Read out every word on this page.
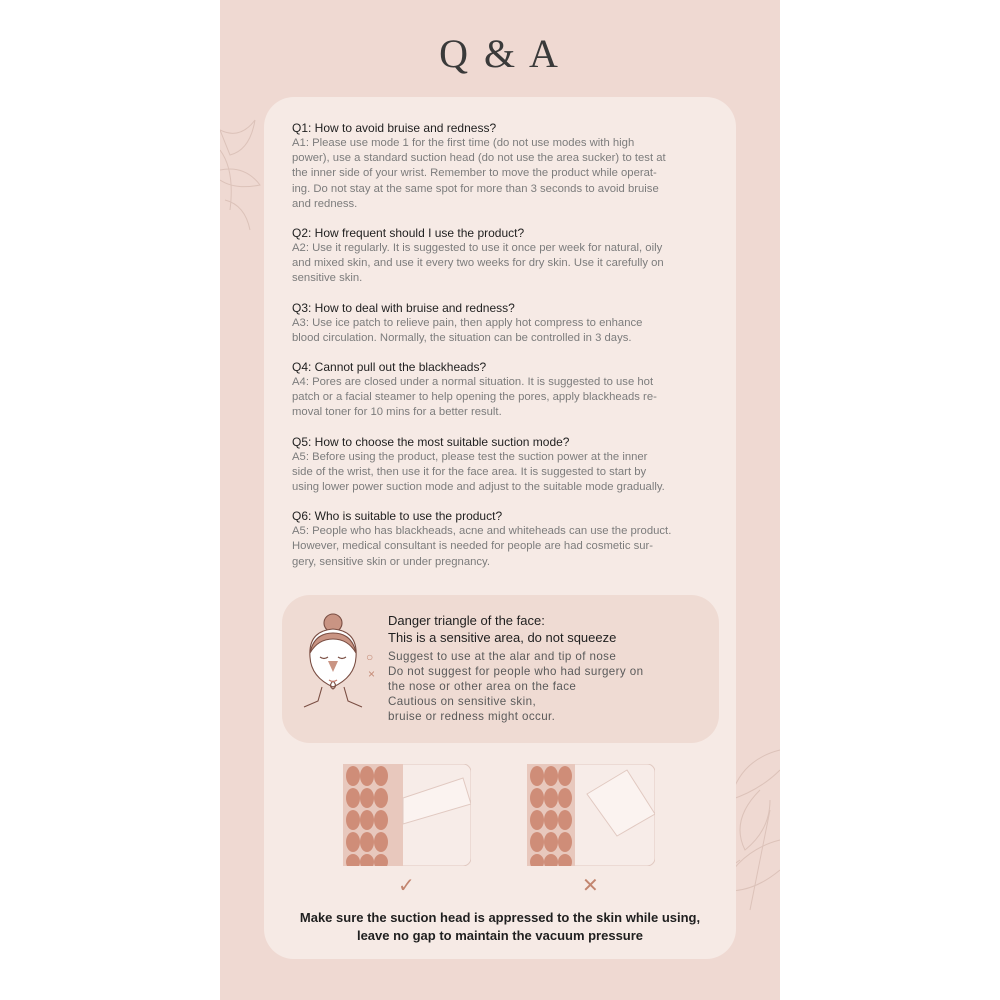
Q & A
Q1: How to avoid bruise and redness?
A1: Please use mode 1 for the first time (do not use modes with high
power), use a standard suction head (do not use the area sucker) to test at
the inner side of your wrist. Remember to move the product while operat-
ing. Do not stay at the same spot for more than 3 seconds to avoid bruise
and redness.
Q2: How frequent should I use the product?
A2: Use it regularly. It is suggested to use it once per week for natural, oily
and mixed skin, and use it every two weeks for dry skin. Use it carefully on
sensitive skin.
Q3: How to deal with bruise and redness?
A3: Use ice patch to relieve pain, then apply hot compress to enhance
blood circulation. Normally, the situation can be controlled in 3 days.
Q4: Cannot pull out the blackheads?
A4: Pores are closed under a normal situation. It is suggested to use hot
patch or a facial steamer to help opening the pores, apply blackheads re-
moval toner for 10 mins for a better result.
Q5: How to choose the most suitable suction mode?
A5: Before using the product, please test the suction power at the inner
side of the wrist, then use it for the face area. It is suggested to start by
using lower power suction mode and adjust to the suitable mode gradually.
Q6: Who is suitable to use the product?
A5: People who has blackheads, acne and whiteheads can use the product.
However, medical consultant is needed for people are had cosmetic sur-
gery, sensitive skin or under pregnancy.
Danger triangle of the face:
This is a sensitive area, do not squeeze
○
×
Suggest to use at the alar and tip of nose
Do not suggest for people who had surgery on
the nose or other area on the face
Cautious on sensitive skin,
bruise or redness might occur.
✓	✕
Make sure the suction head is appressed to the skin while using,
leave no gap to maintain the vacuum pressure
